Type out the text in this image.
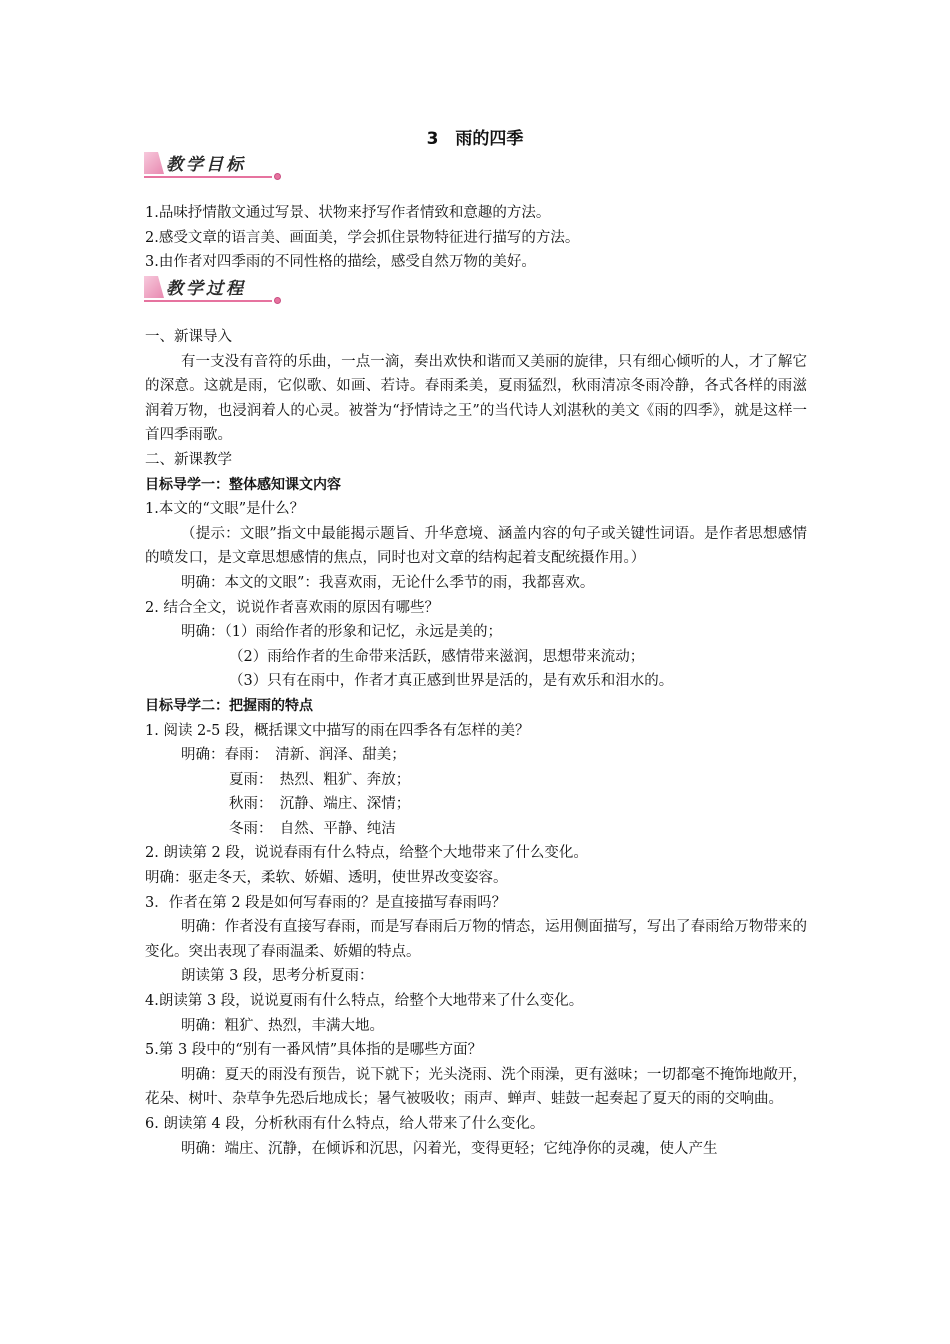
3　雨的四季
教学目标

1.品味抒情散文通过写景、状物来抒写作者情致和意趣的方法。

2.感受文章的语言美、画面美，学会抓住景物特征进行描写的方法。

3.由作者对四季雨的不同性格的描绘，感受自然万物的美好。

教学过程

一、新课导入

有一支没有音符的乐曲，一点一滴，奏出欢快和谐而又美丽的旋律，只有细心倾听的人，才了解它的深意。这就是雨，它似歌、如画、若诗。春雨柔美，夏雨猛烈，秋雨清凉冬雨冷静，各式各样的雨滋润着万物，也浸润着人的心灵。被誉为“抒情诗之王”的当代诗人刘湛秋的美文《雨的四季》，就是这样一首四季雨歌。

二、新课教学

目标导学一：整体感知课文内容

1.本文的“文眼”是什么？

（提示：文眼”指文中最能揭示题旨、升华意境、涵盖内容的句子或关键性词语。是作者思想感情的喷发口，是文章思想感情的焦点，同时也对文章的结构起着支配统摄作用。）

明确：本文的文眼”：我喜欢雨，无论什么季节的雨，我都喜欢。

2. 结合全文，说说作者喜欢雨的原因有哪些？

明确：（1）雨给作者的形象和记忆，永远是美的；

（2）雨给作者的生命带来活跃，感情带来滋润，思想带来流动；

（3）只有在雨中，作者才真正感到世界是活的，是有欢乐和泪水的。

目标导学二：把握雨的特点

1. 阅读 2-5 段，概括课文中描写的雨在四季各有怎样的美？

明确：春雨：　清新、润泽、甜美；

夏雨：　热烈、粗犷、奔放；

秋雨：　沉静、端庄、深情；

冬雨：　自然、平静、纯洁

2. 朗读第 2 段，说说春雨有什么特点，给整个大地带来了什么变化。

明确：驱走冬天，柔软、娇媚、透明，使世界改变姿容。

3．作者在第 2 段是如何写春雨的？是直接描写春雨吗？

明确：作者没有直接写春雨，而是写春雨后万物的情态，运用侧面描写，写出了春雨给万物带来的变化。突出表现了春雨温柔、娇媚的特点。

朗读第 3 段，思考分析夏雨：

4.朗读第 3 段，说说夏雨有什么特点，给整个大地带来了什么变化。

明确：粗犷、热烈，丰满大地。

5.第 3 段中的“别有一番风情”具体指的是哪些方面？

明确：夏天的雨没有预告，说下就下；光头浇雨、洗个雨澡，更有滋味；一切都毫不掩饰地敞开，花朵、树叶、杂草争先恐后地成长；暑气被吸收；雨声、蝉声、蛙鼓一起奏起了夏天的雨的交响曲。

6. 朗读第 4 段，分析秋雨有什么特点，给人带来了什么变化。

明确：端庄、沉静，在倾诉和沉思，闪着光，变得更轻；它纯净你的灵魂，使人产生
